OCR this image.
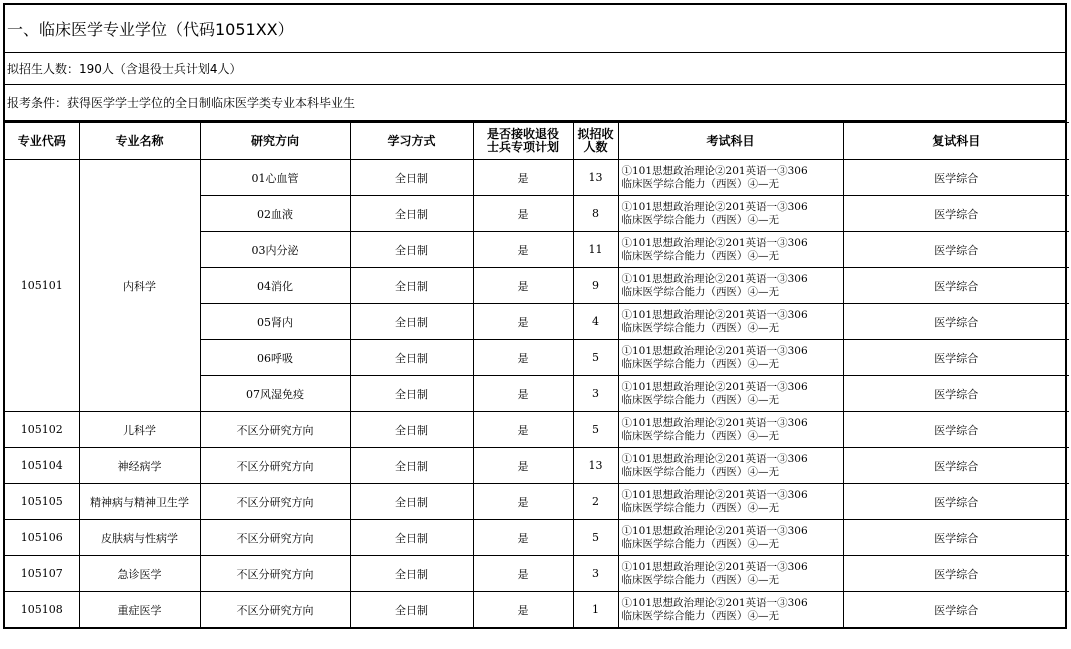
一、临床医学专业学位（代码1051XX）
拟招生人数：190人（含退役士兵计划4人）
报考条件：获得医学学士学位的全日制临床医学类专业本科毕业生
专业代码	专业名称	研究方向	学习方式	是否接收退役
士兵专项计划	拟招收
人数	考试科目	复试科目
105101	内科学	01心血管	全日制	是	13	①101思想政治理论②201英语一③306
临床医学综合能力（西医）④—无	医学综合
		02血液	全日制	是	8	①101思想政治理论②201英语一③306
临床医学综合能力（西医）④—无	医学综合
		03内分泌	全日制	是	11	①101思想政治理论②201英语一③306
临床医学综合能力（西医）④—无	医学综合
		04消化	全日制	是	9	①101思想政治理论②201英语一③306
临床医学综合能力（西医）④—无	医学综合
		05肾内	全日制	是	4	①101思想政治理论②201英语一③306
临床医学综合能力（西医）④—无	医学综合
		06呼吸	全日制	是	5	①101思想政治理论②201英语一③306
临床医学综合能力（西医）④—无	医学综合
		07风湿免疫	全日制	是	3	①101思想政治理论②201英语一③306
临床医学综合能力（西医）④—无	医学综合
105102	儿科学	不区分研究方向	全日制	是	5	①101思想政治理论②201英语一③306
临床医学综合能力（西医）④—无	医学综合
105104	神经病学	不区分研究方向	全日制	是	13	①101思想政治理论②201英语一③306
临床医学综合能力（西医）④—无	医学综合
105105	精神病与精神卫生学	不区分研究方向	全日制	是	2	①101思想政治理论②201英语一③306
临床医学综合能力（西医）④—无	医学综合
105106	皮肤病与性病学	不区分研究方向	全日制	是	5	①101思想政治理论②201英语一③306
临床医学综合能力（西医）④—无	医学综合
105107	急诊医学	不区分研究方向	全日制	是	3	①101思想政治理论②201英语一③306
临床医学综合能力（西医）④—无	医学综合
105108	重症医学	不区分研究方向	全日制	是	1	①101思想政治理论②201英语一③306
临床医学综合能力（西医）④—无	医学综合
